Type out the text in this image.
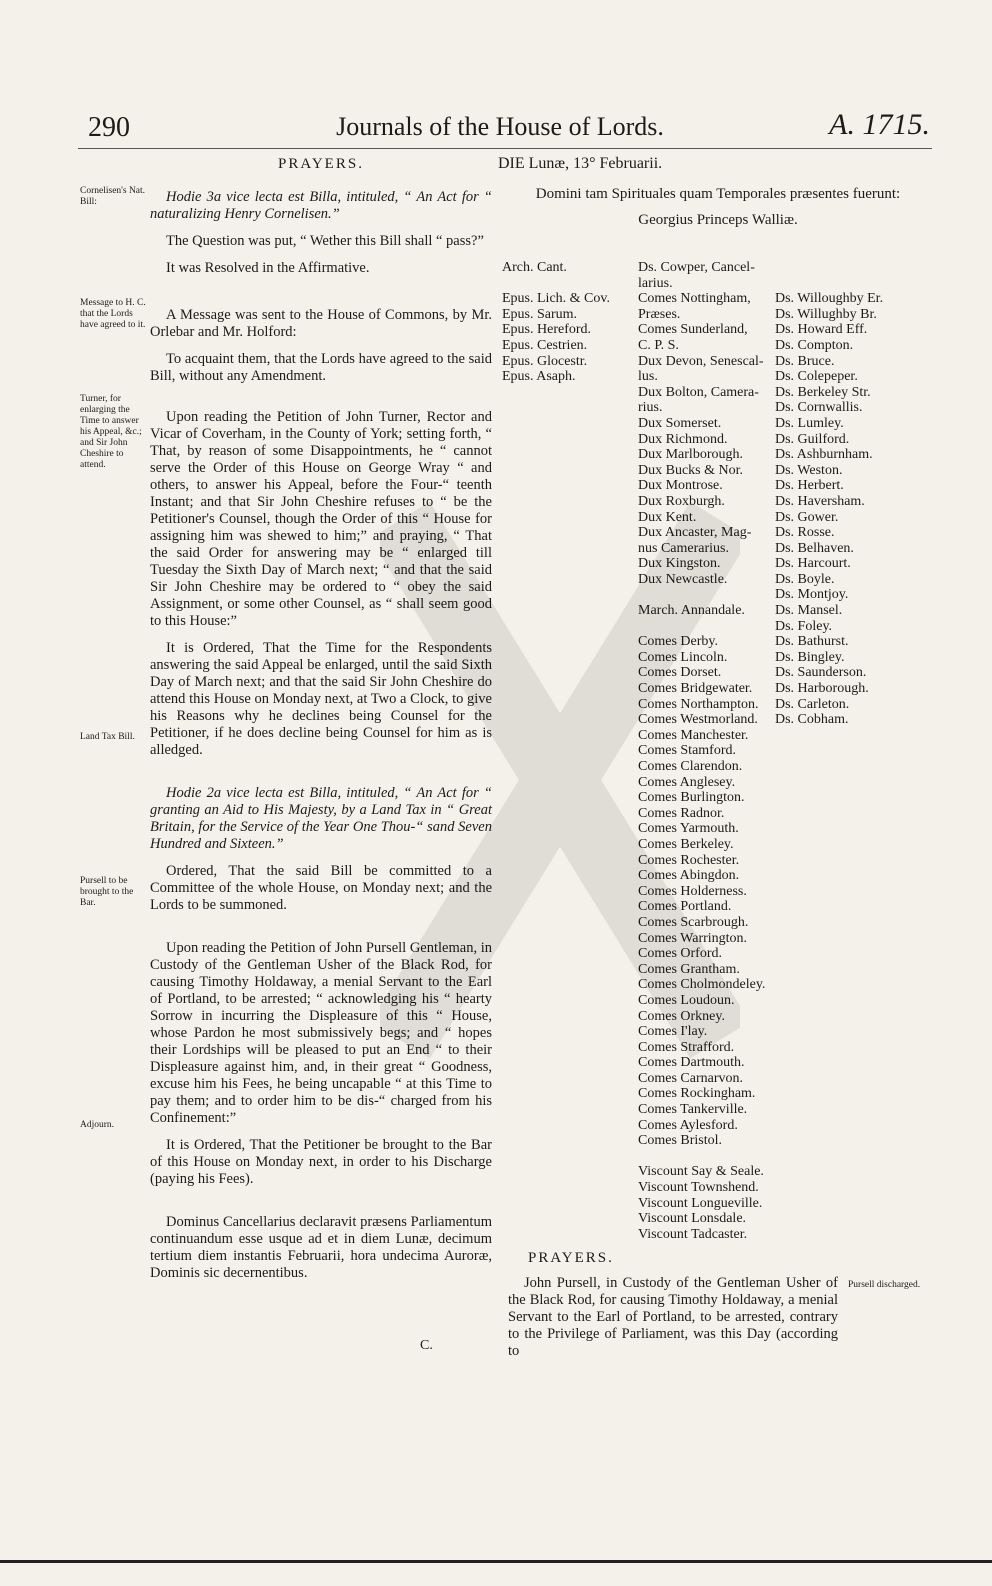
290	Journals of the House of Lords.	A. 1715.
Cornelisen's Nat. Bill:
Message to H. C. that the Lords have agreed to it.
Turner, for enlarging the Time to answer his Appeal, &c.; and Sir John Cheshire to attend.
Land Tax Bill.
Pursell to be brought to the Bar.
Adjourn.
PRAYERS.

Hodie 3a vice lecta est Billa, intituled, “ An Act for “ naturalizing Henry Cornelisen.”

The Question was put, “ Wether this Bill shall “ pass?”

It was Resolved in the Affirmative.

A Message was sent to the House of Commons, by Mr. Orlebar and Mr. Holford:

To acquaint them, that the Lords have agreed to the said Bill, without any Amendment.

Upon reading the Petition of John Turner, Rector and Vicar of Coverham, in the County of York; setting forth, “ That, by reason of some Disappointments, he “ cannot serve the Order of this House on George Wray “ and others, to answer his Appeal, before the Four-“ teenth Instant; and that Sir John Cheshire refuses to “ be the Petitioner's Counsel, though the Order of this “ House for assigning him was shewed to him;” and praying, “ That the said Order for answering may be “ enlarged till Tuesday the Sixth Day of March next; “ and that the said Sir John Cheshire may be ordered to “ obey the said Assignment, or some other Counsel, as “ shall seem good to this House:”

It is Ordered, That the Time for the Respondents answering the said Appeal be enlarged, until the said Sixth Day of March next; and that the said Sir John Cheshire do attend this House on Monday next, at Two a Clock, to give his Reasons why he declines being Counsel for the Petitioner, if he does decline being Counsel for him as is alledged.

Hodie 2a vice lecta est Billa, intituled, “ An Act for “ granting an Aid to His Majesty, by a Land Tax in “ Great Britain, for the Service of the Year One Thou-“ sand Seven Hundred and Sixteen.”

Ordered, That the said Bill be committed to a Committee of the whole House, on Monday next; and the Lords to be summoned.

Upon reading the Petition of John Pursell Gentleman, in Custody of the Gentleman Usher of the Black Rod, for causing Timothy Holdaway, a menial Servant to the Earl of Portland, to be arrested; “ acknowledging his “ hearty Sorrow in incurring the Displeasure of this “ House, whose Pardon he most submissively begs; and “ hopes their Lordships will be pleased to put an End “ to their Displeasure against him, and, in their great “ Goodness, excuse him his Fees, he being uncapable “ at this Time to pay them; and to order him to be dis-“ charged from his Confinement:”

It is Ordered, That the Petitioner be brought to the Bar of this House on Monday next, in order to his Discharge (paying his Fees).

Dominus Cancellarius declaravit præsens Parliamentum continuandum esse usque ad et in diem Lunæ, decimum tertium diem instantis Februarii, hora undecima Auroræ, Dominis sic decernentibus.

DIE Lunæ, 13° Februarii.
Domini tam Spirituales quam Temporales præsentes fuerunt:
Georgius Princeps Walliæ.
Arch. Cant.

Epus. Lich. & Cov.
Epus. Sarum.
Epus. Hereford.
Epus. Cestrien.
Epus. Glocestr.
Epus. Asaph.
Ds. Cowper, Cancel-
larius.
Comes Nottingham,
Præses.
Comes Sunderland,
C. P. S.
Dux Devon, Senescal-
lus.
Dux Bolton, Camera-
rius.
Dux Somerset.
Dux Richmond.
Dux Marlborough.
Dux Bucks & Nor.
Dux Montrose.
Dux Roxburgh.
Dux Kent.
Dux Ancaster, Mag-
nus Camerarius.
Dux Kingston.
Dux Newcastle.

March. Annandale.

Comes Derby.
Comes Lincoln.
Comes Dorset.
Comes Bridgewater.
Comes Northampton.
Comes Westmorland.
Comes Manchester.
Comes Stamford.
Comes Clarendon.
Comes Anglesey.
Comes Burlington.
Comes Radnor.
Comes Yarmouth.
Comes Berkeley.
Comes Rochester.
Comes Abingdon.
Comes Holderness.
Comes Portland.
Comes Scarbrough.
Comes Warrington.
Comes Orford.
Comes Grantham.
Comes Cholmondeley.
Comes Loudoun.
Comes Orkney.
Comes I'lay.
Comes Strafford.
Comes Dartmouth.
Comes Carnarvon.
Comes Rockingham.
Comes Tankerville.
Comes Aylesford.
Comes Bristol.

Viscount Say & Seale.
Viscount Townshend.
Viscount Longueville.
Viscount Lonsdale.
Viscount Tadcaster.

Ds. Willoughby Er.
Ds. Willughby Br.
Ds. Howard Eff.
Ds. Compton.
Ds. Bruce.
Ds. Colepeper.
Ds. Berkeley Str.
Ds. Cornwallis.
Ds. Lumley.
Ds. Guilford.
Ds. Ashburnham.
Ds. Weston.
Ds. Herbert.
Ds. Haversham.
Ds. Gower.
Ds. Rosse.
Ds. Belhaven.
Ds. Harcourt.
Ds. Boyle.
Ds. Montjoy.
Ds. Mansel.
Ds. Foley.
Ds. Bathurst.
Ds. Bingley.
Ds. Saunderson.
Ds. Harborough.
Ds. Carleton.
Ds. Cobham.
PRAYERS.

John Pursell, in Custody of the Gentleman Usher of the Black Rod, for causing Timothy Holdaway, a menial Servant to the Earl of Portland, to be arrested, contrary to the Privilege of Parliament, was this Day (according to

Pursell discharged.
C.
